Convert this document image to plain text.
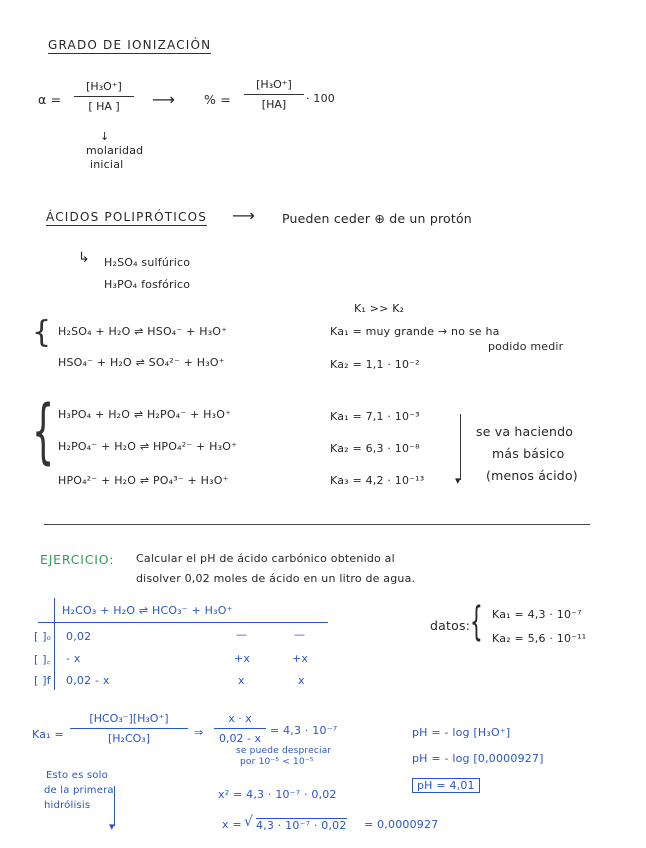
GRADO DE IONIZACIÓN
α =
[H₃O⁺]
[ HA ]
↓
molaridad
inicial
⟶ % =
[H₃O⁺]
[HA]	· 100
ÁCIDOS POLIPRÓTICOS ⟶ Pueden ceder ⊕ de un protón
↳ H₂SO₄ sulfúrico
H₃PO₄ fosfórico
K₁ >> K₂
{ H₂SO₄ + H₂O ⇌ HSO₄⁻ + H₃O⁺	Ka₁ = muy grande → no se ha
podido medir
HSO₄⁻ + H₂O ⇌ SO₄²⁻ + H₃O⁺	Ka₂ = 1,1 · 10⁻²
{ H₃PO₄ + H₂O ⇌ H₂PO₄⁻ + H₃O⁺	Ka₁ = 7,1 · 10⁻³
H₂PO₄⁻ + H₂O ⇌ HPO₄²⁻ + H₃O⁺	Ka₂ = 6,3 · 10⁻⁸
HPO₄²⁻ + H₂O ⇌ PO₄³⁻ + H₃O⁺	Ka₃ = 4,2 · 10⁻¹³	▾
se va haciendo
más básico
(menos ácido)
EJERCICIO: Calcular el pH de ácido carbónico obtenido al
disolver 0,02 moles de ácido en un litro de agua.
H₂CO₃ + H₂O ⇌ HCO₃⁻ + H₃O⁺
[ ]ₒ 0,02	—	—
[ ]꜀ - x	+x	+x
[ ]f 0,02 - x	x	x
datos: { Ka₁ = 4,3 · 10⁻⁷
Ka₂ = 5,6 · 10⁻¹¹
Ka₁ =
[HCO₃⁻][H₃O⁺]
[H₂CO₃]	⇒
x · x
0,02 - x
= 4,3 · 10⁻⁷
se puede despreciar
por 10⁻⁵ < 10⁻⁵
Esto es solo
de la primera
hidrólisis
▾
x² = 4,3 · 10⁻⁷ · 0,02
x = √ 4,3 · 10⁻⁷ · 0,02 = 0,0000927
pH = - log [H₃O⁺]
pH = - log [0,0000927]
pH = 4,01
